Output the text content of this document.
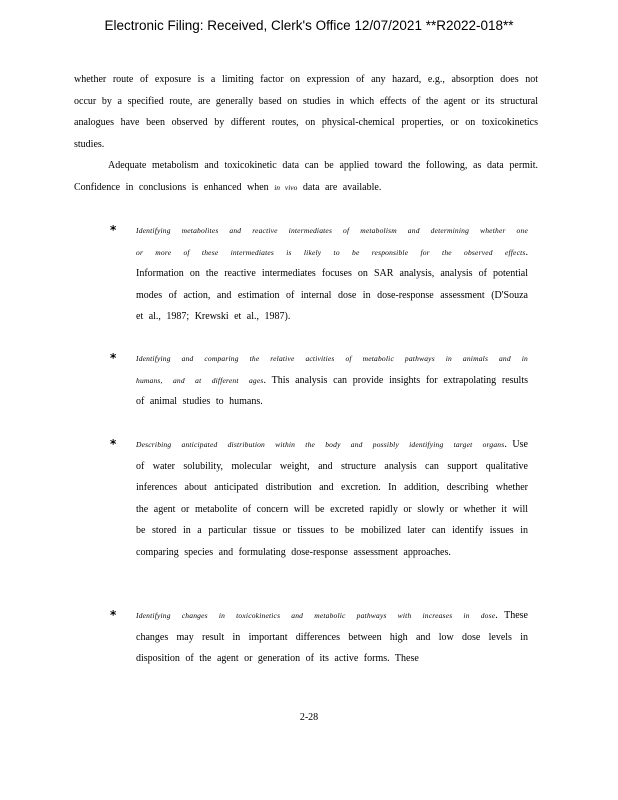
Electronic Filing: Received, Clerk's Office 12/07/2021 **R2022-018**
whether route of exposure is a limiting factor on expression of any hazard, e.g., absorption does not occur by a specified route, are generally based on studies in which effects of the agent or its structural analogues have been observed by different routes, on physical-chemical properties, or on toxicokinetics studies.
Adequate metabolism and toxicokinetic data can be applied toward the following, as data permit. Confidence in conclusions is enhanced when in vivo data are available.
*	Identifying metabolites and reactive intermediates of metabolism and determining whether one or more of these intermediates is likely to be responsible for the observed effects. Information on the reactive intermediates focuses on SAR analysis, analysis of potential modes of action, and estimation of internal dose in dose-response assessment (D'Souza et al., 1987; Krewski et al., 1987).
*	Identifying and comparing the relative activities of metabolic pathways in animals and in humans, and at different ages. This analysis can provide insights for extrapolating results of animal studies to humans.
*	Describing anticipated distribution within the body and possibly identifying target organs. Use of water solubility, molecular weight, and structure analysis can support qualitative inferences about anticipated distribution and excretion. In addition, describing whether the agent or metabolite of concern will be excreted rapidly or slowly or whether it will be stored in a particular tissue or tissues to be mobilized later can identify issues in comparing species and formulating dose-response assessment approaches.
*	Identifying changes in toxicokinetics and metabolic pathways with increases in dose. These changes may result in important differences between high and low dose levels in disposition of the agent or generation of its active forms. These
2-28
